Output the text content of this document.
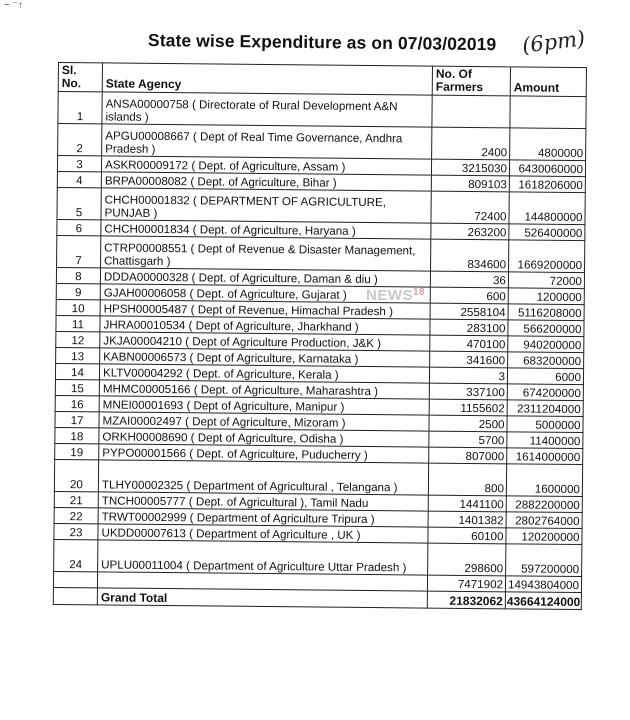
~ ⁻↑
State wise Expenditure as on 07/03/02019 (6pm)
Sl. No.	State Agency	No. Of Farmers	Amount
1	ANSA00000758 ( Directorate of Rural Development A&N islands )		
2	APGU00008667 ( Dept of Real Time Governance, Andhra Pradesh )	2400	4800000
3	ASKR00009172 ( Dept. of Agriculture, Assam )	3215030	6430060000
4	BRPA00008082 ( Dept. of Agriculture, Bihar )	809103	1618206000
5	CHCH00001832 ( DEPARTMENT OF AGRICULTURE, PUNJAB )	72400	144800000
6	CHCH00001834 ( Dept. of Agriculture, Haryana )	263200	526400000
7	CTRP00008551 ( Dept of Revenue & Disaster Management, Chattisgarh )	834600	1669200000
8	DDDA00000328 ( Dept. of Agriculture, Daman & diu )	36	72000
9	GJAH00006058 ( Dept. of Agriculture, Gujarat )	600	1200000
10	HPSH00005487 ( Dept of Revenue, Himachal Pradesh )	2558104	5116208000
11	JHRA00010534 ( Dept of Agriculture, Jharkhand )	283100	566200000
12	JKJA00004210 ( Dept of Agriculture Production, J&K )	470100	940200000
13	KABN00006573 ( Dept of Agriculture, Karnataka )	341600	683200000
14	KLTV00004292 ( Dept. of Agriculture, Kerala )	3	6000
15	MHMC00005166 ( Dept. of Agriculture, Maharashtra )	337100	674200000
16	MNEI00001693 ( Dept of Agriculture, Manipur )	1155602	2311204000
17	MZAI00002497 ( Dept of Agriculture, Mizoram )	2500	5000000
18	ORKH00008690 ( Dept of Agriculture, Odisha )	5700	11400000
19	PYPO00001566 ( Dept. of Agriculture, Puducherry )	807000	1614000000
20	TLHY00002325 ( Department of Agricultural , Telangana )	800	1600000
21	TNCH00005777 ( Dept. of Agricultural ), Tamil Nadu	1441100	2882200000
22	TRWT00002999 ( Department of Agriculture Tripura )	1401382	2802764000
23	UKDD00007613 ( Department of Agriculture , UK )	60100	120200000
24	UPLU00011004 ( Department of Agriculture Uttar Pradesh )	298600	597200000
		7471902	14943804000
	Grand Total	21832062	43664124000
NEWS$^{18}$
